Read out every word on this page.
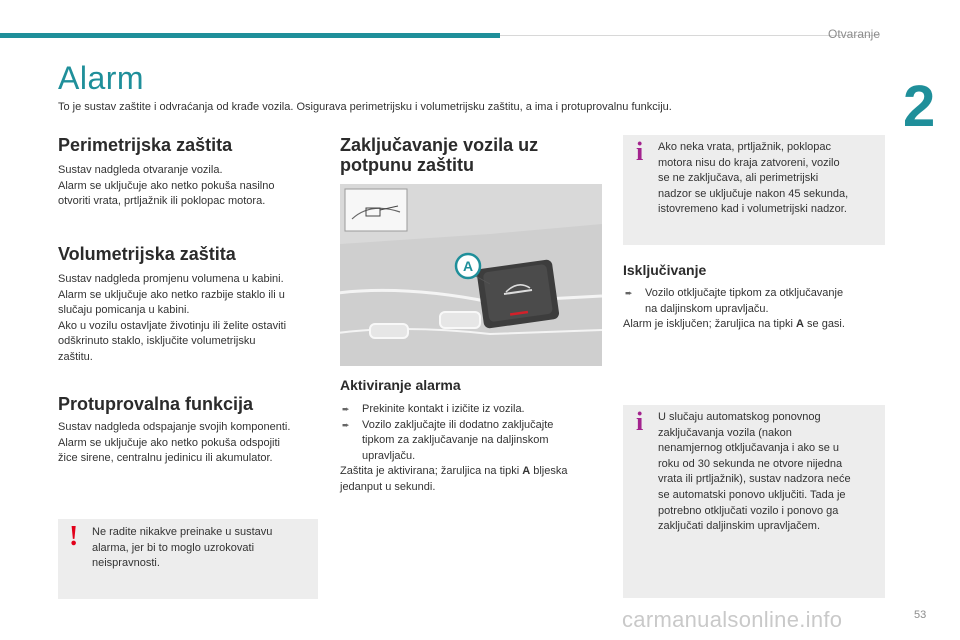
Otvaranje
2
Alarm
To je sustav zaštite i odvraćanja od krađe vozila. Osigurava perimetrijsku i volumetrijsku zaštitu, a ima i protuprovalnu funkciju.
Perimetrijska zaštita

Sustav nadgleda otvaranje vozila.

Alarm se uključuje ako netko pokuša nasilno

otvoriti vrata, prtljažnik ili poklopac motora.

Volumetrijska zaštita

Sustav nadgleda promjenu volumena u kabini.

Alarm se uključuje ako netko razbije staklo ili u

slučaju pomicanja u kabini.

Ako u vozilu ostavljate životinju ili želite ostaviti

odškrinuto staklo, isključite volumetrijsku

zaštitu.

Protuprovalna funkcija

Sustav nadgleda odspajanje svojih komponenti.

Alarm se uključuje ako netko pokuša odspojiti

žice sirene, centralnu jedinicu ili akumulator.

! Ne radite nikakve preinake u sustavu
alarma, jer bi to moglo uzrokovati
neispravnosti.
Zaključavanje vozila uz
potpunu zaštitu
A
Aktiviranje alarma
➨ Prekinite kontakt i izičite iz vozila.
➨ Vozilo zaključajte ili dodatno zaključajte
tipkom za zaključavanje na daljinskom
upravljaču.

Zaštita je aktivirana; žaruljica na tipki A bljeska

jedanput u sekundi.

i Ako neka vrata, prtljažnik, poklopac
motora nisu do kraja zatvoreni, vozilo
se ne zaključava, ali perimetrijski
nadzor se uključuje nakon 45 sekunda,
istovremeno kad i volumetrijski nadzor.
Isključivanje
➨ Vozilo otključajte tipkom za otključavanje
na daljinskom upravljaču.

Alarm je isključen; žaruljica na tipki A se gasi.

i U slučaju automatskog ponovnog
zaključavanja vozila (nakon
nenamjernog otključavanja i ako se u
roku od 30 sekunda ne otvore nijedna
vrata ili prtljažnik), sustav nadzora neće
se automatski ponovo uključiti. Tada je
potrebno otključati vozilo i ponovo ga
zaključati daljinskim upravljačem.
carmanualsonline.info	53
